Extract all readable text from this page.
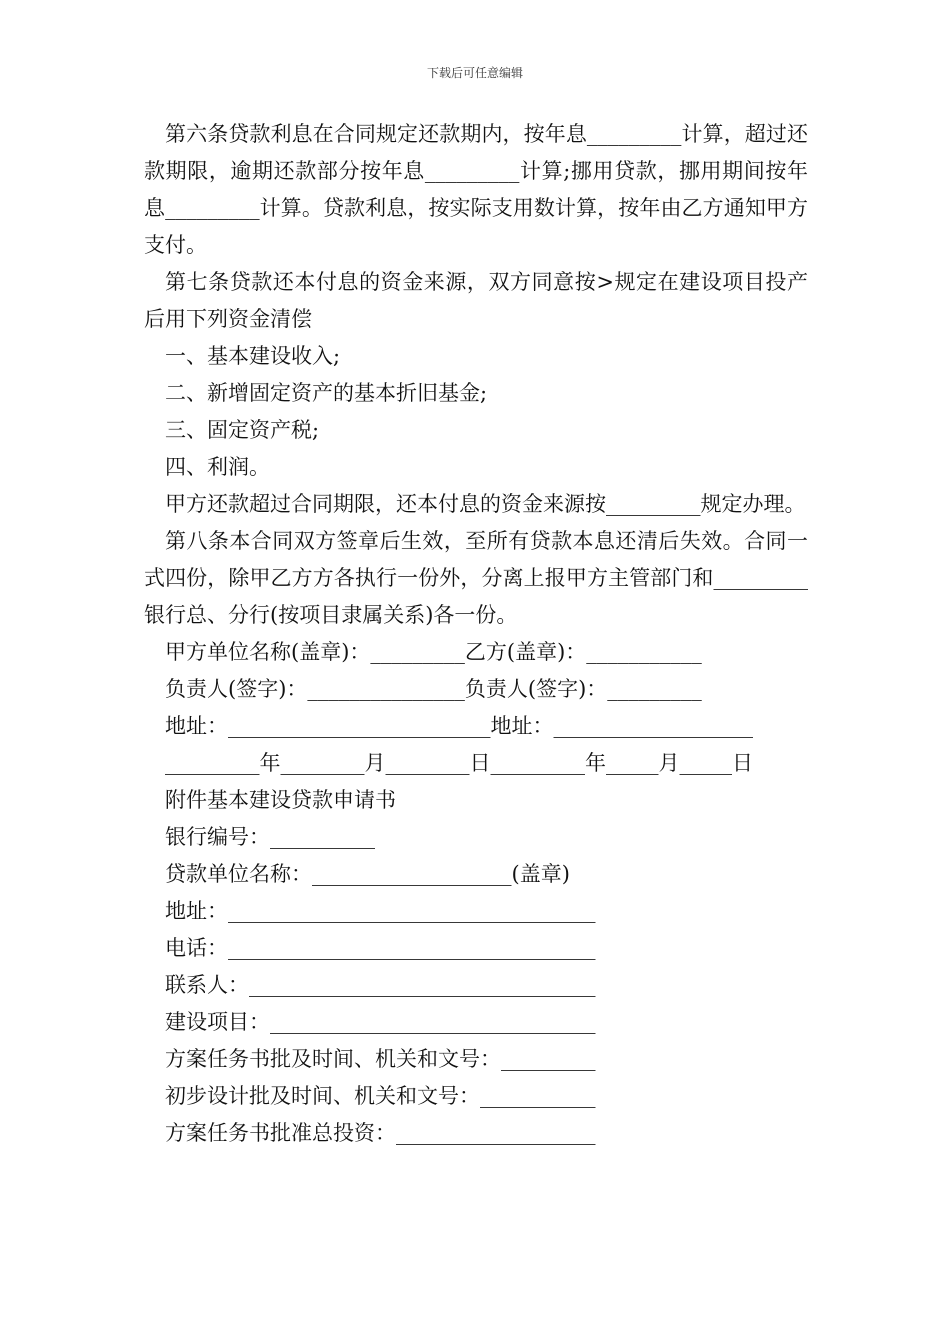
下载后可任意编辑

第六条贷款利息在合同规定还款期内，按年息_________计算，超过还款期限，逾期还款部分按年息_________计算;挪用贷款，挪用期间按年息_________计算。贷款利息，按实际支用数计算，按年由乙方通知甲方支付。

第七条贷款还本付息的资金来源，双方同意按>规定在建设项目投产后用下列资金清偿

一、基本建设收入;

二、新增固定资产的基本折旧基金;

三、固定资产税;

四、利润。

甲方还款超过合同期限，还本付息的资金来源按_________规定办理。

第八条本合同双方签章后生效，至所有贷款本息还清后失效。合同一式四份，除甲乙方方各执行一份外，分离上报甲方主管部门和_________银行总、分行(按项目隶属关系)各一份。

甲方单位名称(盖章)：_________乙方(盖章)：___________

负责人(签字)：_______________负责人(签字)：_________

地址：_________________________地址：___________________

_________年________月________日_________年_____月_____日

附件基本建设贷款申请书

银行编号：__________

贷款单位名称：___________________(盖章)

地址：___________________________________

电话：___________________________________

联系人：_________________________________

建设项目：_______________________________

方案任务书批及时间、机关和文号：_________

初步设计批及时间、机关和文号：___________

方案任务书批准总投资：___________________
